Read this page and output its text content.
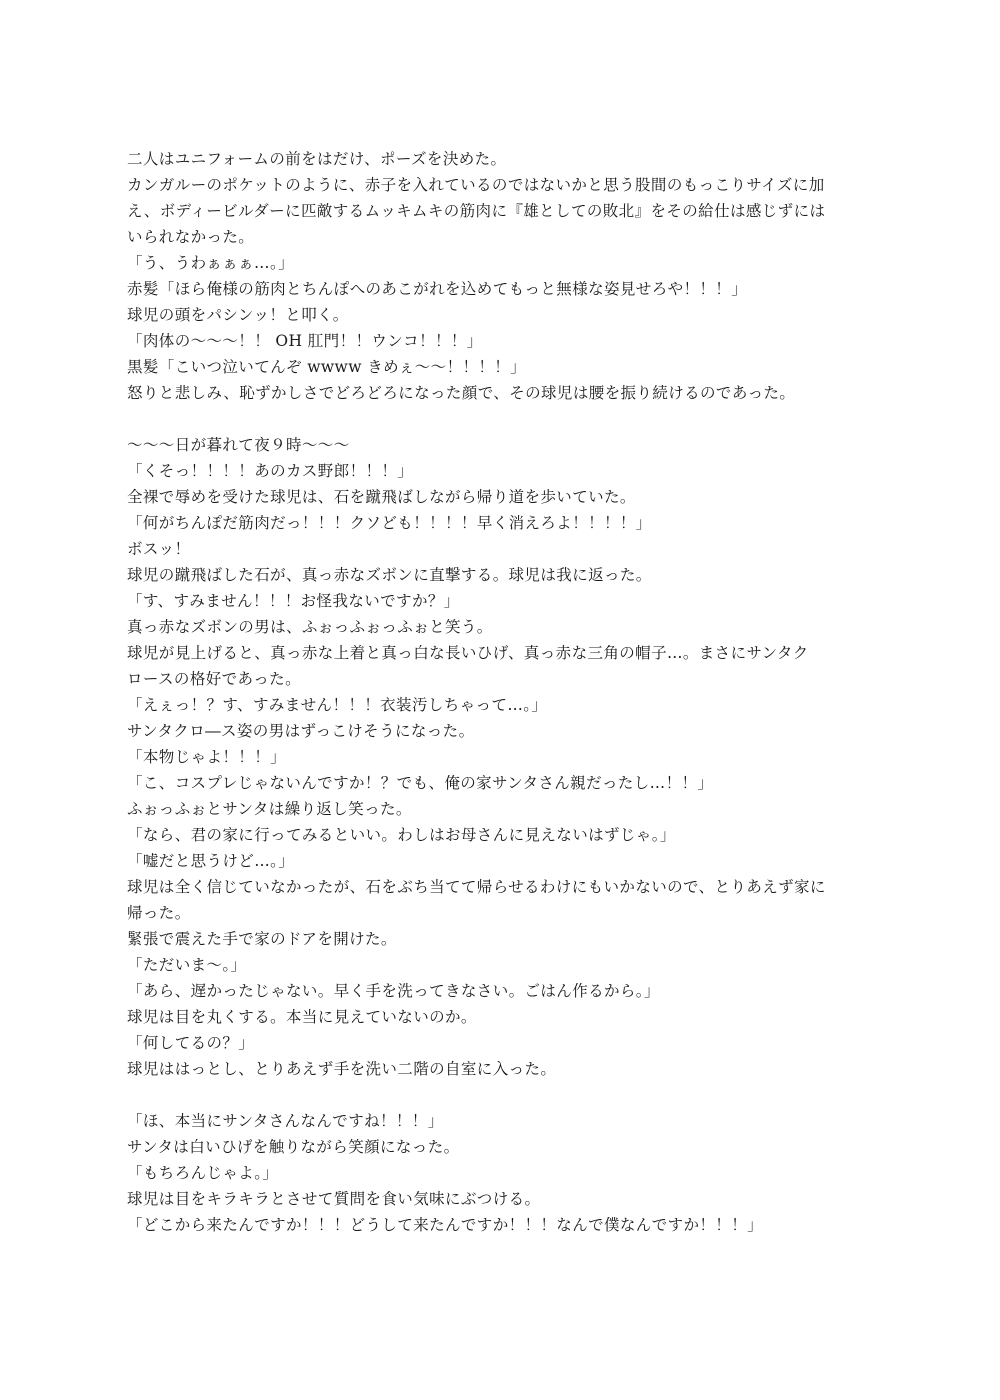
二人はユニフォームの前をはだけ、ポーズを決めた。
カンガルーのポケットのように、赤子を入れているのではないかと思う股間のもっこりサイズに加
え、ボディービルダーに匹敵するムッキムキの筋肉に『雄としての敗北』をその給仕は感じずには
いられなかった。
「う、うわぁぁぁ…。」
赤髪「ほら俺様の筋肉とちんぽへのあこがれを込めてもっと無様な姿見せろや！！！」
球児の頭をパシンッ！と叩く。
「肉体の〜〜〜！！ OH 肛門！！ウンコ！！！」
黒髪「こいつ泣いてんぞ wwww きめぇ〜〜！！！！」
怒りと悲しみ、恥ずかしさでどろどろになった顔で、その球児は腰を振り続けるのであった。
〜〜〜日が暮れて夜９時〜〜〜
「くそっ！！！！あのカス野郎！！！」
全裸で辱めを受けた球児は、石を蹴飛ばしながら帰り道を歩いていた。
「何がちんぽだ筋肉だっ！！！クソども！！！！早く消えろよ！！！！」
ボスッ！
球児の蹴飛ばした石が、真っ赤なズボンに直撃する。球児は我に返った。
「す、すみません！！！お怪我ないですか？」
真っ赤なズボンの男は、ふぉっふぉっふぉと笑う。
球児が見上げると、真っ赤な上着と真っ白な長いひげ、真っ赤な三角の帽子…。まさにサンタク
ロースの格好であった。
「えぇっ！？す、すみません！！！衣装汚しちゃって…。」
サンタクロ―ス姿の男はずっこけそうになった。
「本物じゃよ！！！」
「こ、コスプレじゃないんですか！？でも、俺の家サンタさん親だったし…！！」
ふぉっふぉとサンタは繰り返し笑った。
「なら、君の家に行ってみるといい。わしはお母さんに見えないはずじゃ。」
「嘘だと思うけど…。」
球児は全く信じていなかったが、石をぶち当てて帰らせるわけにもいかないので、とりあえず家に
帰った。
緊張で震えた手で家のドアを開けた。
「ただいま〜。」
「あら、遅かったじゃない。早く手を洗ってきなさい。ごはん作るから。」
球児は目を丸くする。本当に見えていないのか。
「何してるの？」
球児ははっとし、とりあえず手を洗い二階の自室に入った。
「ほ、本当にサンタさんなんですね！！！」
サンタは白いひげを触りながら笑顔になった。
「もちろんじゃよ。」
球児は目をキラキラとさせて質問を食い気味にぶつける。
「どこから来たんですか！！！どうして来たんですか！！！なんで僕なんですか！！！」
